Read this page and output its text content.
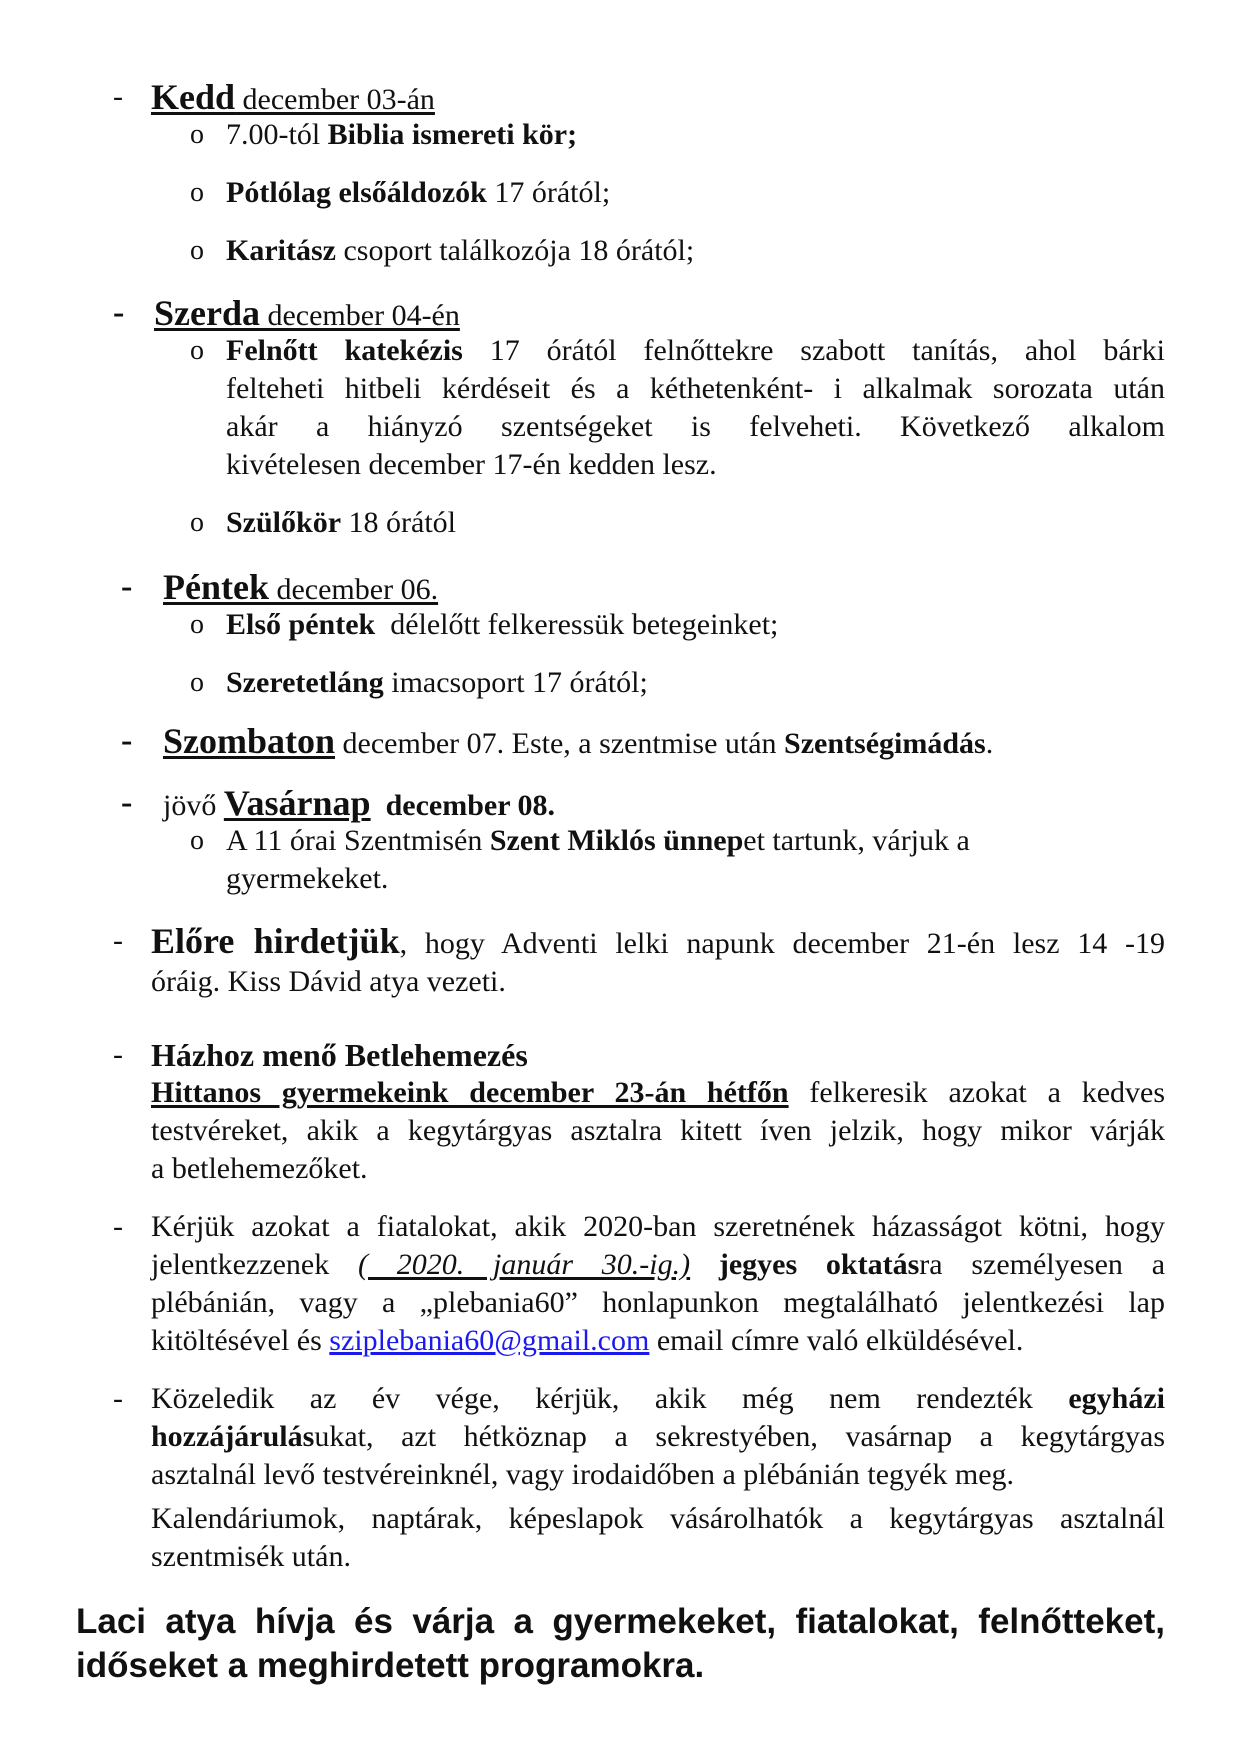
- Kedd december 03-án
o 7.00-tól Biblia ismereti kör;
o Pótlólag elsőáldozók 17 órától;
o Karitász csoport találkozója 18 órától;
- Szerda december 04-én
o Felnőtt katekézis 17 órától felnőttekre szabott tanítás, ahol bárki
felteheti hitbeli kérdéseit és a kéthetenként- i alkalmak sorozata után
akár a hiányzó szentségeket is felveheti. Következő alkalom
kivételesen december 17-én kedden lesz.
o Szülőkör 18 órától
- Péntek december 06.
o Első péntek  délelőtt felkeressük betegeinket;
o Szeretetláng imacsoport 17 órától;
- Szombaton december 07. Este, a szentmise után Szentségimádás.
- jövő Vasárnap  december 08.
o A 11 órai Szentmisén Szent Miklós ünnepet tartunk, várjuk a
gyermekeket.
- Előre hirdetjük, hogy Adventi lelki napunk december 21-én lesz 14 -19
óráig. Kiss Dávid atya vezeti.
- Házhoz menő Betlehemezés
Hittanos gyermekeink december 23-án hétfőn felkeresik azokat a kedves
testvéreket, akik a kegytárgyas asztalra kitett íven jelzik, hogy mikor várják
a betlehemezőket.
- Kérjük azokat a fiatalokat, akik 2020-ban szeretnének házasságot kötni, hogy
jelentkezzenek ( 2020. január 30.-ig.) jegyes oktatásra személyesen a
plébánián, vagy a „plebania60” honlapunkon megtalálható jelentkezési lap
kitöltésével és sziplebania60@gmail.com email címre való elküldésével.
- Közeledik az év vége, kérjük, akik még nem rendezték egyházi
hozzájárulásukat, azt hétköznap a sekrestyében, vasárnap a kegytárgyas
asztalnál levő testvéreinknél, vagy irodaidőben a plébánián tegyék meg.
Kalendáriumok, naptárak, képeslapok vásárolhatók a kegytárgyas asztalnál
szentmisék után.
Laci atya hívja és várja a gyermekeket, fiatalokat, felnőtteket,
időseket a meghirdetett programokra.
